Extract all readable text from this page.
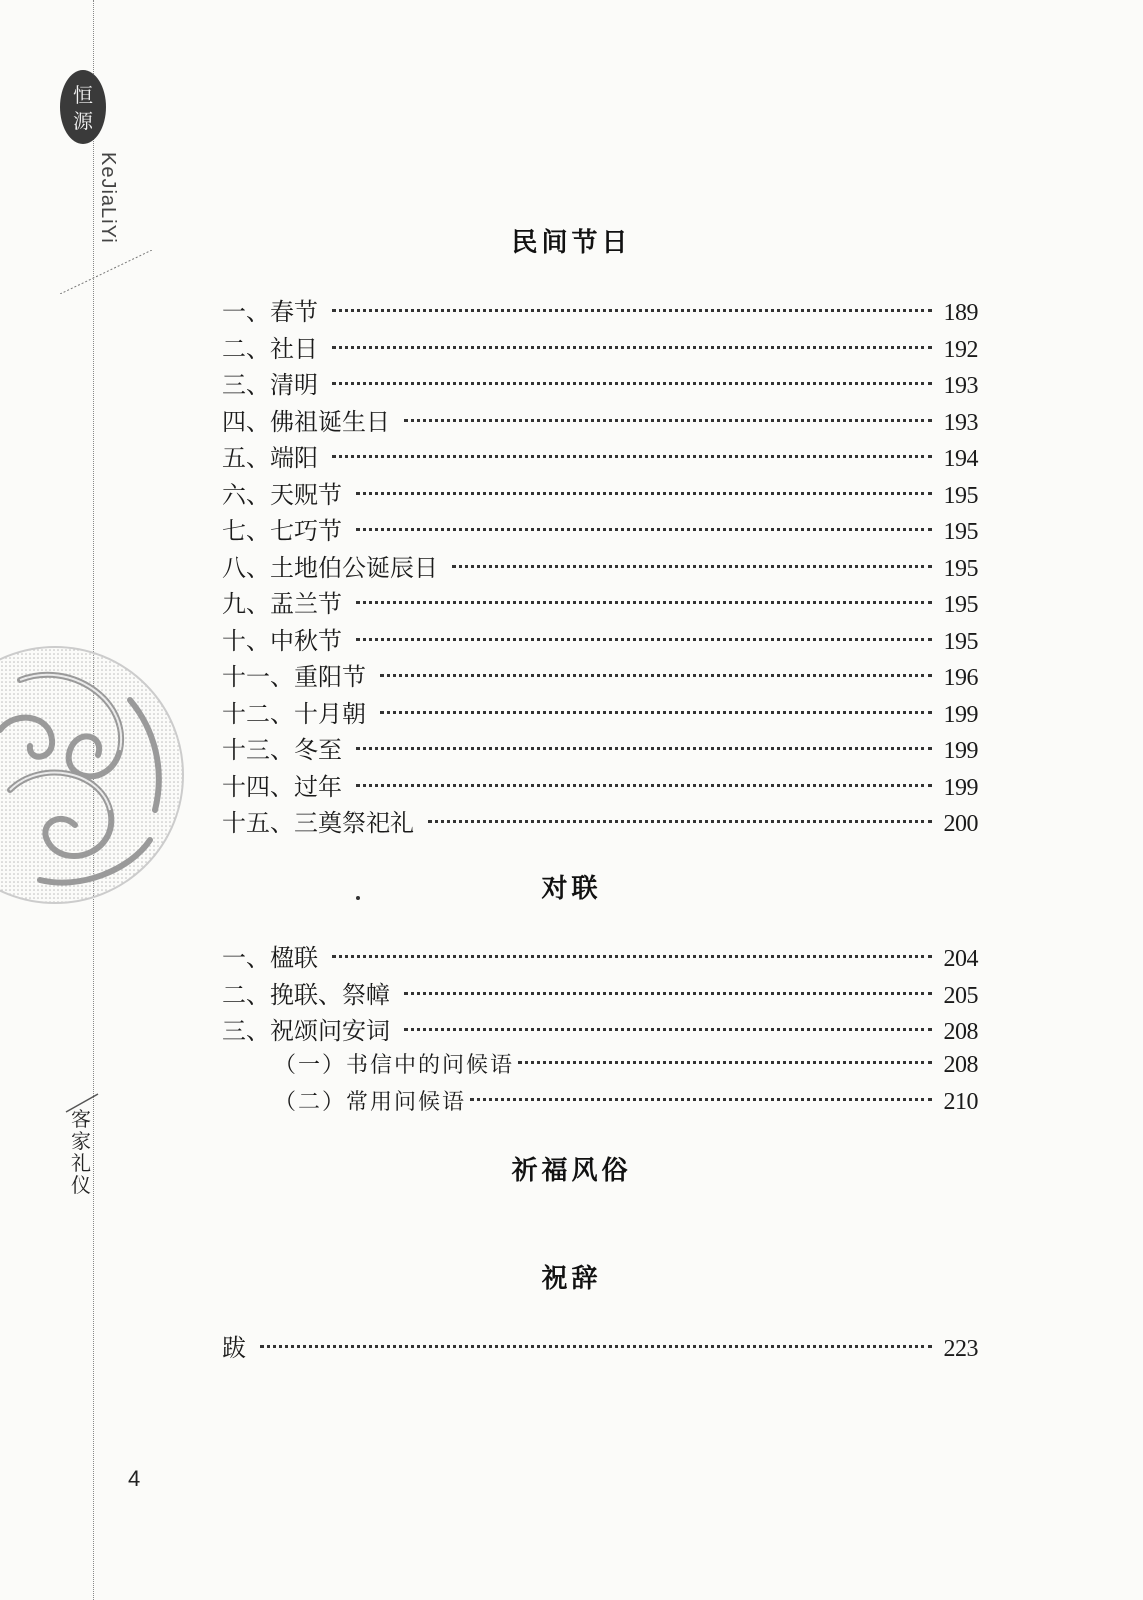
恒
源
KeJiaLiYi
客家礼仪
民间节日
一、春节	189
二、社日	192
三、清明	193
四、佛祖诞生日	193
五、端阳	194
六、天贶节	195
七、七巧节	195
八、土地伯公诞辰日	195
九、盂兰节	195
十、中秋节	195
十一、重阳节	196
十二、十月朝	199
十三、冬至	199
十四、过年	199
十五、三奠祭祀礼	200
对联
一、楹联	204
二、挽联、祭幛	205
三、祝颂问安词	208
（一）书信中的问候语	208
（二）常用问候语	210
祈福风俗
祝辞
跋	223
4
